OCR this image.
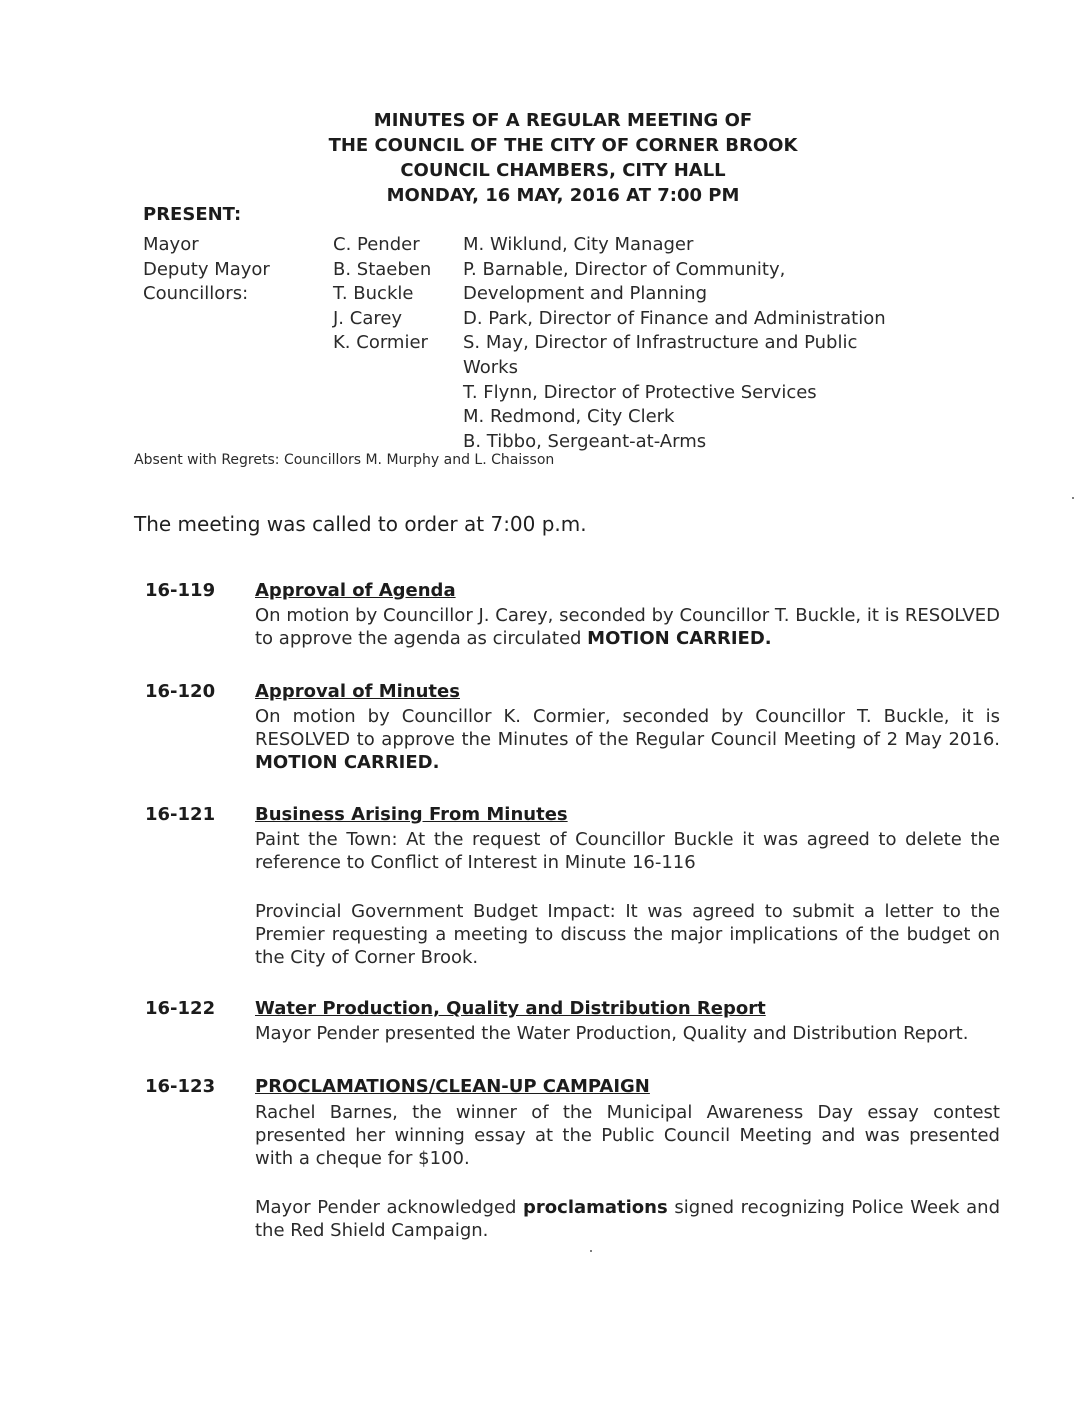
MINUTES OF A REGULAR MEETING OF
THE COUNCIL OF THE CITY OF CORNER BROOK
COUNCIL CHAMBERS, CITY HALL
MONDAY, 16 MAY, 2016 AT 7:00 PM
PRESENT:
Mayor
Deputy Mayor
Councillors:
C. Pender
B. Staeben
T. Buckle
J. Carey
K. Cormier
M. Wiklund, City Manager
P. Barnable, Director of Community, Development and Planning
D. Park, Director of Finance and Administration
S. May, Director of Infrastructure and Public Works
T. Flynn, Director of Protective Services
M. Redmond, City Clerk
B. Tibbo, Sergeant-at-Arms
Absent with Regrets: Councillors M. Murphy and L. Chaisson
The meeting was called to order at 7:00 p.m.
16-119 Approval of Agenda
On motion by Councillor J. Carey, seconded by Councillor T. Buckle, it is RESOLVED to approve the agenda as circulated MOTION CARRIED.
16-120 Approval of Minutes
On motion by Councillor K. Cormier, seconded by Councillor T. Buckle, it is RESOLVED to approve the Minutes of the Regular Council Meeting of 2 May 2016. MOTION CARRIED.
16-121 Business Arising From Minutes
Paint the Town: At the request of Councillor Buckle it was agreed to delete the reference to Conflict of Interest in Minute 16-116
Provincial Government Budget Impact: It was agreed to submit a letter to the Premier requesting a meeting to discuss the major implications of the budget on the City of Corner Brook.
16-122 Water Production, Quality and Distribution Report
Mayor Pender presented the Water Production, Quality and Distribution Report.
16-123 PROCLAMATIONS/CLEAN-UP CAMPAIGN
Rachel Barnes, the winner of the Municipal Awareness Day essay contest presented her winning essay at the Public Council Meeting and was presented with a cheque for $100.
Mayor Pender acknowledged proclamations signed recognizing Police Week and the Red Shield Campaign.
